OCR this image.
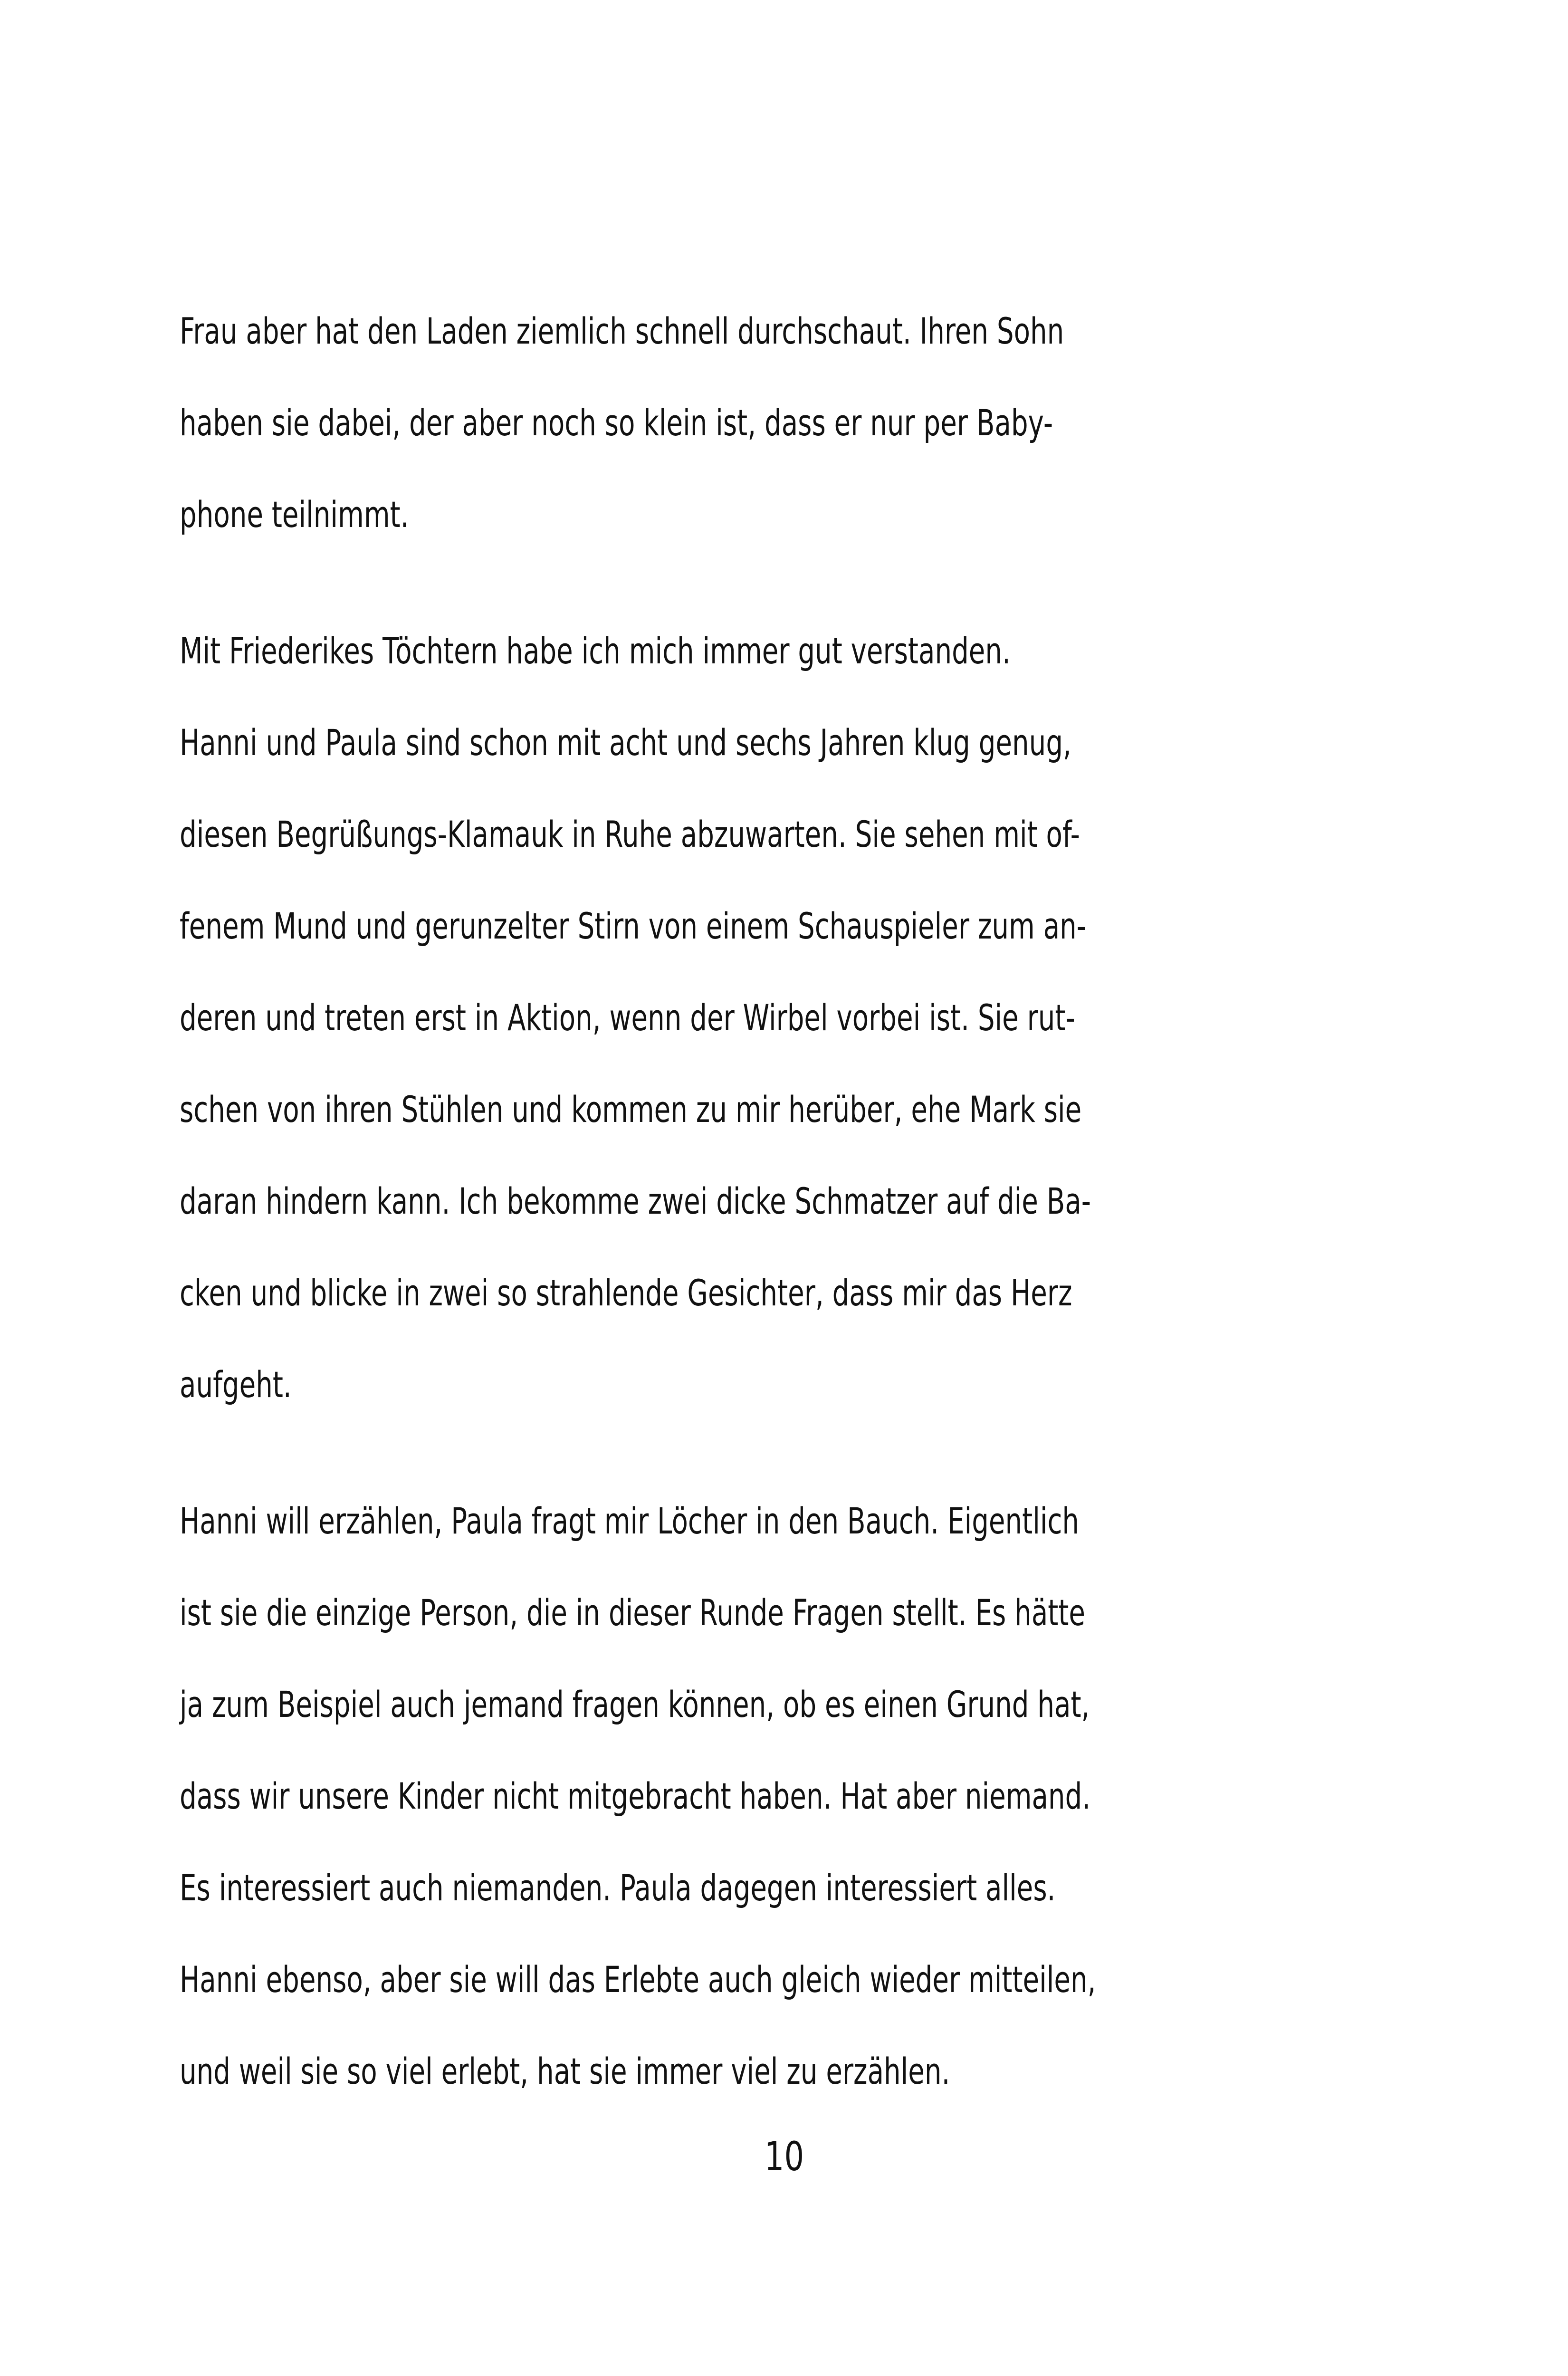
Frau aber hat den Laden ziemlich schnell durchschaut. Ihren Sohn
haben sie dabei, der aber noch so klein ist, dass er nur per Baby-
phone teilnimmt.
Mit Friederikes Töchtern habe ich mich immer gut verstanden.
Hanni und Paula sind schon mit acht und sechs Jahren klug genug,
diesen Begrüßungs-Klamauk in Ruhe abzuwarten. Sie sehen mit of-
fenem Mund und gerunzelter Stirn von einem Schauspieler zum an-
deren und treten erst in Aktion, wenn der Wirbel vorbei ist. Sie rut-
schen von ihren Stühlen und kommen zu mir herüber, ehe Mark sie
daran hindern kann. Ich bekomme zwei dicke Schmatzer auf die Ba-
cken und blicke in zwei so strahlende Gesichter, dass mir das Herz
aufgeht.
Hanni will erzählen, Paula fragt mir Löcher in den Bauch. Eigentlich
ist sie die einzige Person, die in dieser Runde Fragen stellt. Es hätte
ja zum Beispiel auch jemand fragen können, ob es einen Grund hat,
dass wir unsere Kinder nicht mitgebracht haben. Hat aber niemand.
Es interessiert auch niemanden. Paula dagegen interessiert alles.
Hanni ebenso, aber sie will das Erlebte auch gleich wieder mitteilen,
und weil sie so viel erlebt, hat sie immer viel zu erzählen.
10
